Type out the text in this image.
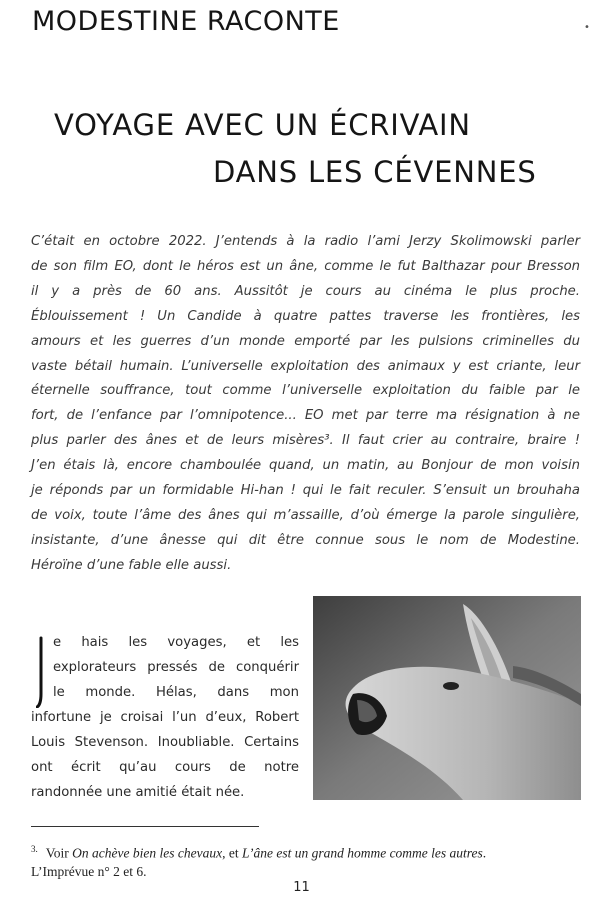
MODESTINE RACONTE	•
VOYAGE AVEC UN ÉCRIVAIN
DANS LES CÉVENNES
C’était en octobre 2022. J’entends à la radio l’ami Jerzy Skolimowski parler
de son film EO, dont le héros est un âne, comme le fut Balthazar pour Bresson
il y a près de 60 ans. Aussitôt je cours au cinéma le plus proche.
Éblouissement ! Un Candide à quatre pattes traverse les frontières, les
amours et les guerres d’un monde emporté par les pulsions criminelles du
vaste bétail humain. L’universelle exploitation des animaux y est criante, leur
éternelle souffrance, tout comme l’universelle exploitation du faible par le
fort, de l’enfance par l’omnipotence... EO met par terre ma résignation à ne
plus parler des ânes et de leurs misères³. Il faut crier au contraire, braire !
J’en étais là, encore chamboulée quand, un matin, au Bonjour de mon voisin
je réponds par un formidable Hi-han ! qui le fait reculer. S’ensuit un brouhaha
de voix, toute l’âme des ânes qui m’assaille, d’où émerge la parole singulière,
insistante, d’une ânesse qui dit être connue sous le nom de Modestine.
Héroïne d’une fable elle aussi.
e hais les voyages, et les
explorateurs pressés de conquérir
le monde. Hélas, dans mon
infortune je croisai l’un d’eux, Robert
Louis Stevenson. Inoubliable. Certains
ont écrit qu’au cours de notre
randonnée une amitié était née.
$^{3.}$ Voir On achève bien les chevaux, et L’âne est un grand homme comme les autres.
L’Imprévue n° 2 et 6.
11
